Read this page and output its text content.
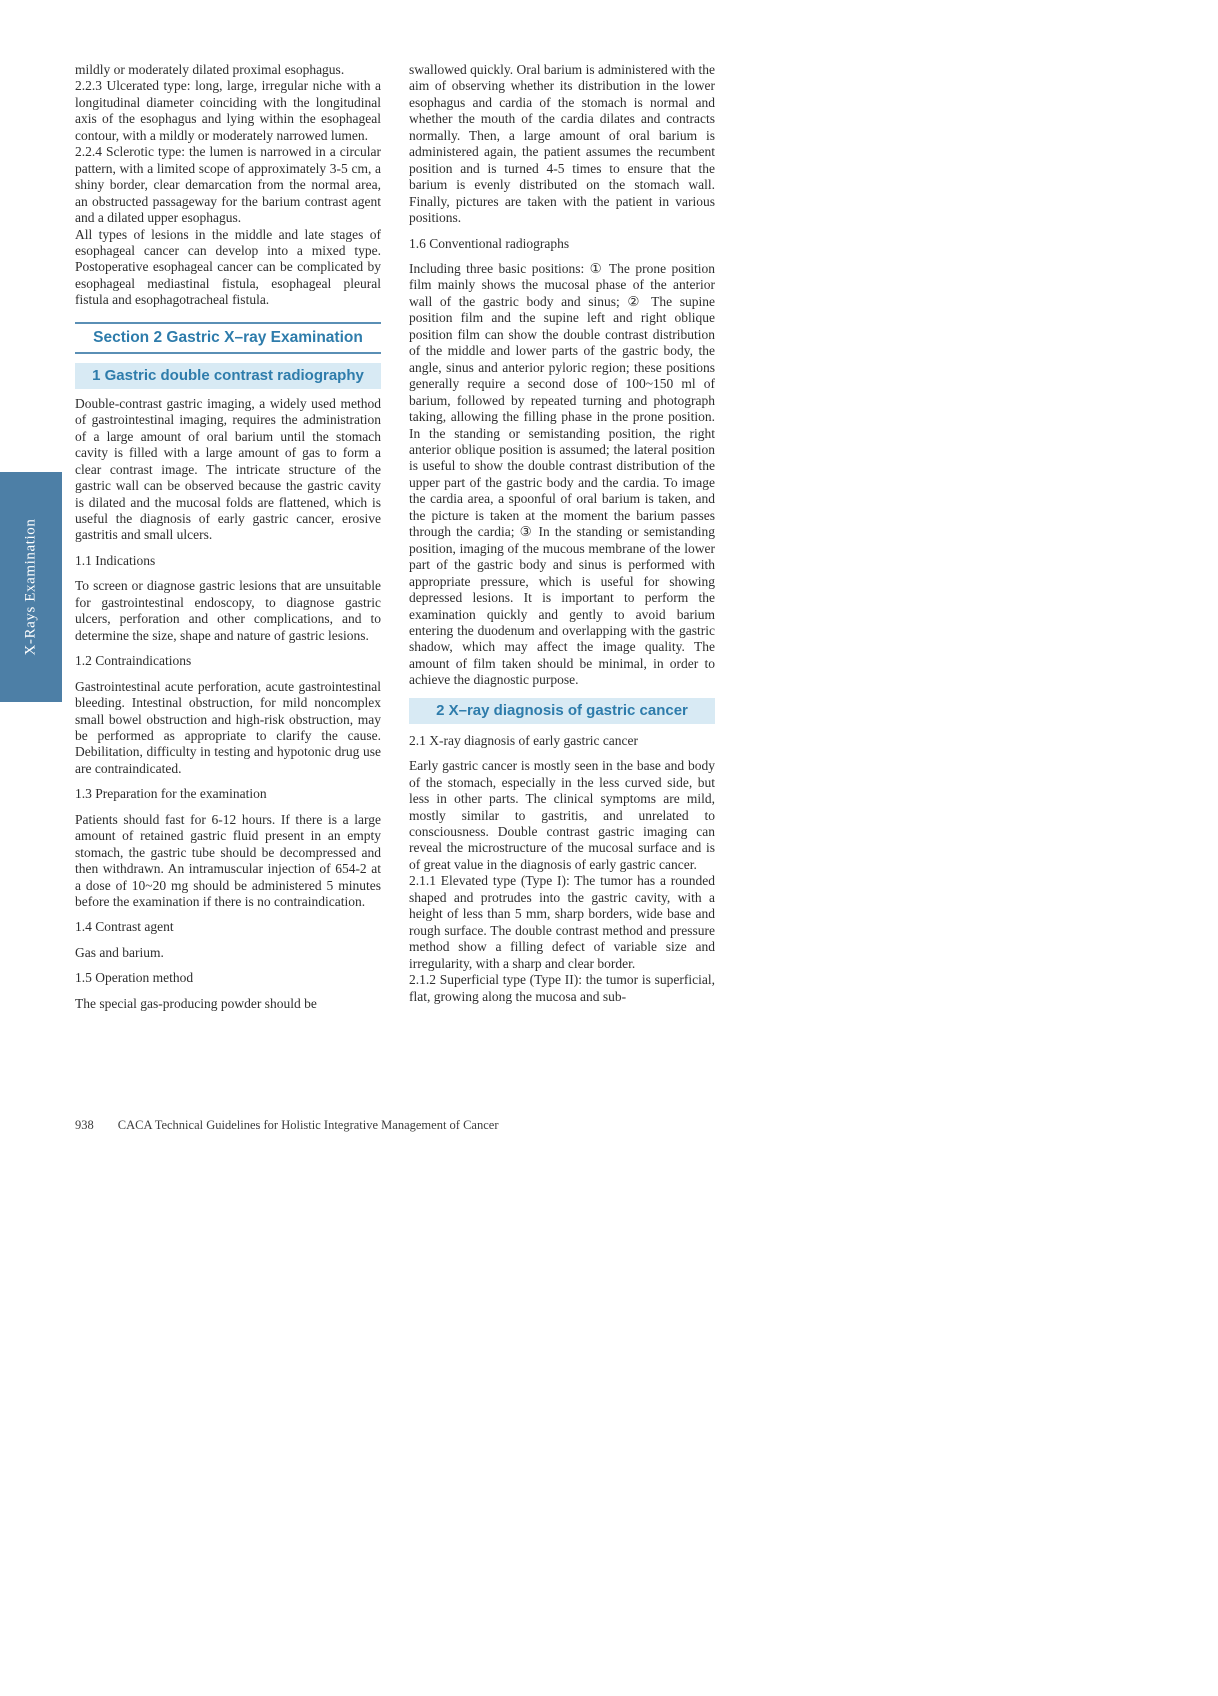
X-Rays Examination

mildly or moderately dilated proximal esophagus.

2.2.3 Ulcerated type: long, large, irregular niche with a longitudinal diameter coinciding with the longitudinal axis of the esophagus and lying within the esophageal contour, with a mildly or moderately narrowed lumen.

2.2.4 Sclerotic type: the lumen is narrowed in a circular pattern, with a limited scope of approximately 3-5 cm, a shiny border, clear demarcation from the normal area, an obstructed passageway for the barium contrast agent and a dilated upper esophagus.

All types of lesions in the middle and late stages of esophageal cancer can develop into a mixed type. Postoperative esophageal cancer can be complicated by esophageal mediastinal fistula, esophageal pleural fistula and esophagotracheal fistula.

Section 2 Gastric X–ray Examination
1 Gastric double contrast radiography

Double-contrast gastric imaging, a widely used method of gastrointestinal imaging, requires the administration of a large amount of oral barium until the stomach cavity is filled with a large amount of gas to form a clear contrast image. The intricate structure of the gastric wall can be observed because the gastric cavity is dilated and the mucosal folds are flattened, which is useful the diagnosis of early gastric cancer, erosive gastritis and small ulcers.

1.1 Indications

To screen or diagnose gastric lesions that are unsuitable for gastrointestinal endoscopy, to diagnose gastric ulcers, perforation and other complications, and to determine the size, shape and nature of gastric lesions.

1.2 Contraindications

Gastrointestinal acute perforation, acute gastrointestinal bleeding. Intestinal obstruction, for mild noncomplex small bowel obstruction and high-risk obstruction, may be performed as appropriate to clarify the cause. Debilitation, difficulty in testing and hypotonic drug use are contraindicated.

1.3 Preparation for the examination

Patients should fast for 6-12 hours. If there is a large amount of retained gastric fluid present in an empty stomach, the gastric tube should be decompressed and then withdrawn. An intramuscular injection of 654-2 at a dose of 10~20 mg should be administered 5 minutes before the examination if there is no contraindication.

1.4 Contrast agent

Gas and barium.

1.5 Operation method

The special gas-producing powder should be

swallowed quickly. Oral barium is administered with the aim of observing whether its distribution in the lower esophagus and cardia of the stomach is normal and whether the mouth of the cardia dilates and contracts normally. Then, a large amount of oral barium is administered again, the patient assumes the recumbent position and is turned 4-5 times to ensure that the barium is evenly distributed on the stomach wall. Finally, pictures are taken with the patient in various positions.

1.6 Conventional radiographs

Including three basic positions: ① The prone position film mainly shows the mucosal phase of the anterior wall of the gastric body and sinus; ② The supine position film and the supine left and right oblique position film can show the double contrast distribution of the middle and lower parts of the gastric body, the angle, sinus and anterior pyloric region; these positions generally require a second dose of 100~150 ml of barium, followed by repeated turning and photograph taking, allowing the filling phase in the prone position. In the standing or semistanding position, the right anterior oblique position is assumed; the lateral position is useful to show the double contrast distribution of the upper part of the gastric body and the cardia. To image the cardia area, a spoonful of oral barium is taken, and the picture is taken at the moment the barium passes through the cardia; ③ In the standing or semistanding position, imaging of the mucous membrane of the lower part of the gastric body and sinus is performed with appropriate pressure, which is useful for showing depressed lesions. It is important to perform the examination quickly and gently to avoid barium entering the duodenum and overlapping with the gastric shadow, which may affect the image quality. The amount of film taken should be minimal, in order to achieve the diagnostic purpose.

2 X–ray diagnosis of gastric cancer

2.1 X-ray diagnosis of early gastric cancer

Early gastric cancer is mostly seen in the base and body of the stomach, especially in the less curved side, but less in other parts. The clinical symptoms are mild, mostly similar to gastritis, and unrelated to consciousness. Double contrast gastric imaging can reveal the microstructure of the mucosal surface and is of great value in the diagnosis of early gastric cancer.

2.1.1 Elevated type (Type I): The tumor has a rounded shaped and protrudes into the gastric cavity, with a height of less than 5 mm, sharp borders, wide base and rough surface. The double contrast method and pressure method show a filling defect of variable size and irregularity, with a sharp and clear border.

2.1.2 Superficial type (Type II): the tumor is superficial, flat, growing along the mucosa and sub-

938 CACA Technical Guidelines for Holistic Integrative Management of Cancer
